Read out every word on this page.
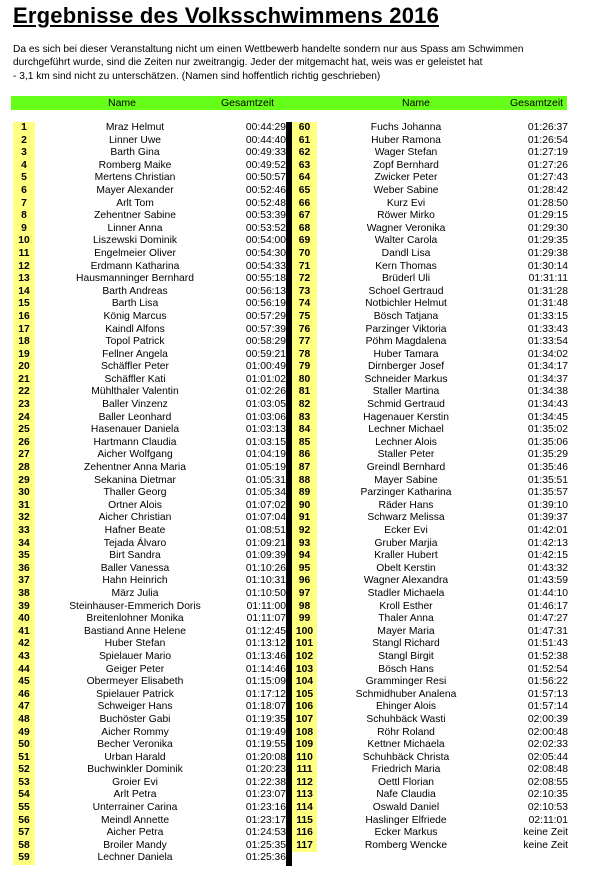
Ergebnisse des Volksschwimmens 2016
Da es sich bei dieser Veranstaltung nicht um einen Wettbewerb handelte sondern nur aus Spass am Schwimmen
durchgeführt wurde, sind die Zeiten nur zweitrangig. Jeder der mitgemacht hat, weis was er geleistet hat
- 3,1 km sind nicht zu unterschätzen. (Namen sind hoffentlich richtig geschrieben)
Name	Gesamtzeit	Name	Gesamtzeit
1	Mraz Helmut	00:44:29
2	Linner Uwe	00:44:40
3	Barth Gina	00:49:33
4	Romberg Maike	00:49:52
5	Mertens Christian	00:50:57
6	Mayer Alexander	00:52:46
7	Arlt Tom	00:52:48
8	Zehentner Sabine	00:53:39
9	Linner Anna	00:53:52
10	Liszewski Dominik	00:54:00
11	Engelmeier Oliver	00:54:30
12	Erdmann Katharina	00:54:33
13	Hausmanninger Bernhard	00:55:18
14	Barth Andreas	00:56:13
15	Barth Lisa	00:56:19
16	König Marcus	00:57:29
17	Kaindl Alfons	00:57:39
18	Topol Patrick	00:58:29
19	Fellner Angela	00:59:21
20	Schäffler Peter	01:00:49
21	Schäffler Kati	01:01:02
22	Mühlthaler Valentin	01:02:26
23	Baller Vinzenz	01:03:05
24	Baller Leonhard	01:03:06
25	Hasenauer Daniela	01:03:13
26	Hartmann Claudia	01:03:15
27	Aicher Wolfgang	01:04:19
28	Zehentner Anna Maria	01:05:19
29	Sekanina Dietmar	01:05:31
30	Thaller Georg	01:05:34
31	Ortner Alois	01:07:02
32	Aicher Christian	01:07:04
33	Hafner Beate	01:08:51
34	Tejada Álvaro	01:09:21
35	Birt Sandra	01:09:39
36	Baller Vanessa	01:10:26
37	Hahn Heinrich	01:10:31
38	März Julia	01:10:50
39	Steinhauser-Emmerich Doris	01:11:00
40	Breitenlohner Monika	01:11:07
41	Bastiand Anne Helene	01:12:45
42	Huber Stefan	01:13:12
43	Spielauer Mario	01:13:46
44	Geiger Peter	01:14:46
45	Obermeyer Elisabeth	01:15:09
46	Spielauer Patrick	01:17:12
47	Schweiger Hans	01:18:07
48	Buchöster Gabi	01:19:35
49	Aicher Rommy	01:19:49
50	Becher Veronika	01:19:55
51	Urban Harald	01:20:08
52	Buchwinkler Dominik	01:20:23
53	Groier Evi	01:22:38
54	Arlt Petra	01:23:07
55	Unterrainer Carina	01:23:16
56	Meindl Annette	01:23:17
57	Aicher Petra	01:24:53
58	Broiler Mandy	01:25:35
59	Lechner Daniela	01:25:36
60	Fuchs Johanna	01:26:37
61	Huber Ramona	01:26:54
62	Wager Stefan	01:27:19
63	Zopf Bernhard	01:27:26
64	Zwicker Peter	01:27:43
65	Weber Sabine	01:28:42
66	Kurz Evi	01:28:50
67	Röwer Mirko	01:29:15
68	Wagner Veronika	01:29:30
69	Walter Carola	01:29:35
70	Dandl Lisa	01:29:38
71	Kern Thomas	01:30:14
72	Brüderl Uli	01:31:11
73	Schoel Gertraud	01:31:28
74	Notbichler Helmut	01:31:48
75	Bösch Tatjana	01:33:15
76	Parzinger Viktoria	01:33:43
77	Pöhm Magdalena	01:33:54
78	Huber Tamara	01:34:02
79	Dirnberger Josef	01:34:17
80	Schneider Markus	01:34:37
81	Staller Martina	01:34:38
82	Schmid Gertraud	01:34:43
83	Hagenauer Kerstin	01:34:45
84	Lechner Michael	01:35:02
85	Lechner Alois	01:35:06
86	Staller Peter	01:35:29
87	Greindl Bernhard	01:35:46
88	Mayer Sabine	01:35:51
89	Parzinger Katharina	01:35:57
90	Räder Hans	01:39:10
91	Schwarz Melissa	01:39:37
92	Ecker Evi	01:42:01
93	Gruber Marjia	01:42:13
94	Kraller Hubert	01:42:15
95	Obelt Kerstin	01:43:32
96	Wagner Alexandra	01:43:59
97	Stadler Michaela	01:44:10
98	Kroll Esther	01:46:17
99	Thaler Anna	01:47:27
100	Mayer Maria	01:47:31
101	Stangl Richard	01:51:43
102	Stangl Birgit	01:52:38
103	Bösch Hans	01:52:54
104	Gramminger Resi	01:56:22
105	Schmidhuber Analena	01:57:13
106	Ehinger Alois	01:57:14
107	Schuhbäck Wasti	02:00:39
108	Röhr Roland	02:00:48
109	Kettner Michaela	02:02:33
110	Schuhbäck Christa	02:05:44
111	Friedrich Maria	02:08:48
112	Oettl Florian	02:08:55
113	Nafe Claudia	02:10:35
114	Oswald Daniel	02:10:53
115	Haslinger Elfriede	02:11:01
116	Ecker Markus	keine Zeit
117	Romberg Wencke	keine Zeit
